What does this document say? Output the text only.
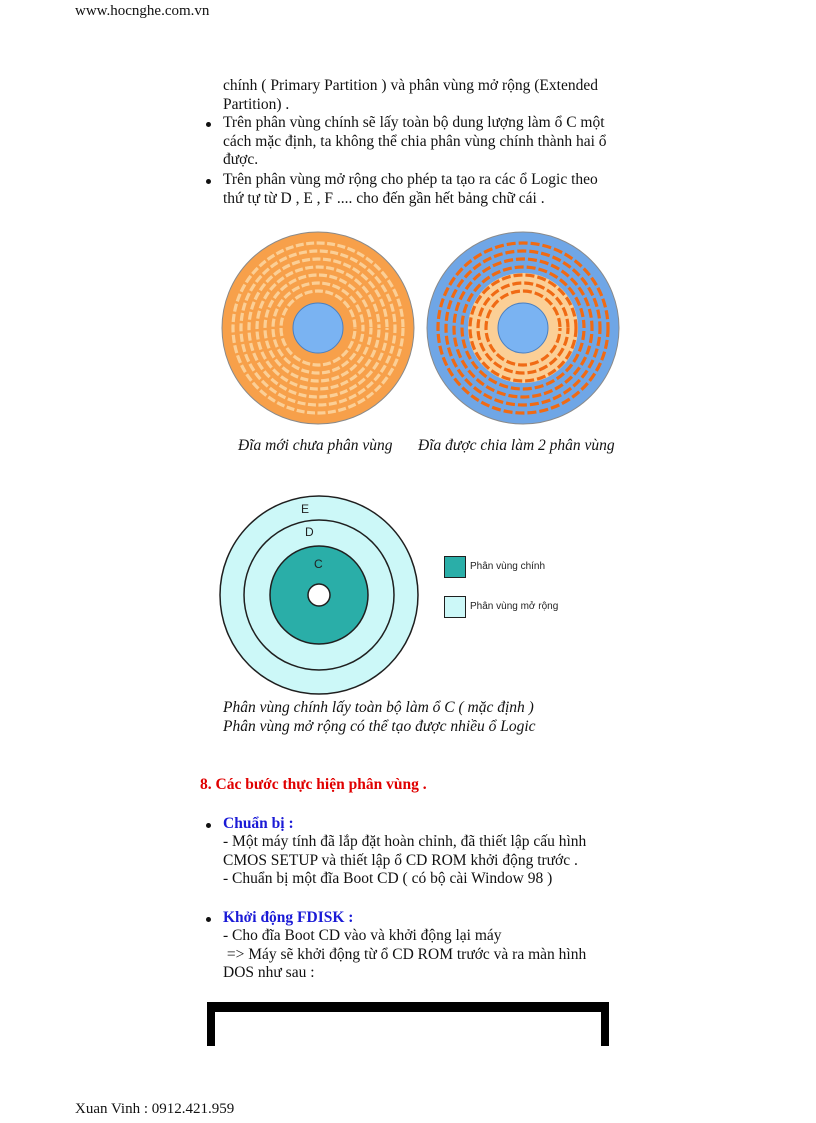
www.hocnghe.com.vn
chính ( Primary Partition ) và phân vùng mở rộng (Extended
Partition) .
Trên phân vùng chính sẽ lấy toàn bộ dung lượng làm ổ C một
cách mặc định, ta không thể chia phân vùng chính thành hai ổ
được.
Trên phân vùng mở rộng cho phép ta tạo ra các ổ Logic theo
thứ tự từ D , E , F .... cho đến gần hết bảng chữ cái .
Đĩa mới chưa phân vùng Đĩa được chia làm 2 phân vùng
E
D
C	Phân vùng chính
Phân vùng mở rộng
Phân vùng chính lấy toàn bộ làm ổ C ( mặc định )
Phân vùng mở rộng có thể tạo được nhiều ổ Logic
8. Các bước thực hiện phân vùng .
Chuẩn bị :
- Một máy tính đã lắp đặt hoàn chỉnh, đã thiết lập cấu hình
CMOS SETUP và thiết lập ổ CD ROM khởi động trước .
- Chuẩn bị một đĩa Boot CD ( có bộ cài Window 98 )
Khởi động FDISK :
- Cho đĩa Boot CD vào và khởi động lại máy
=> Máy sẽ khởi động từ ổ CD ROM trước và ra màn hình
DOS như sau :
Xuan Vinh : 0912.421.959
